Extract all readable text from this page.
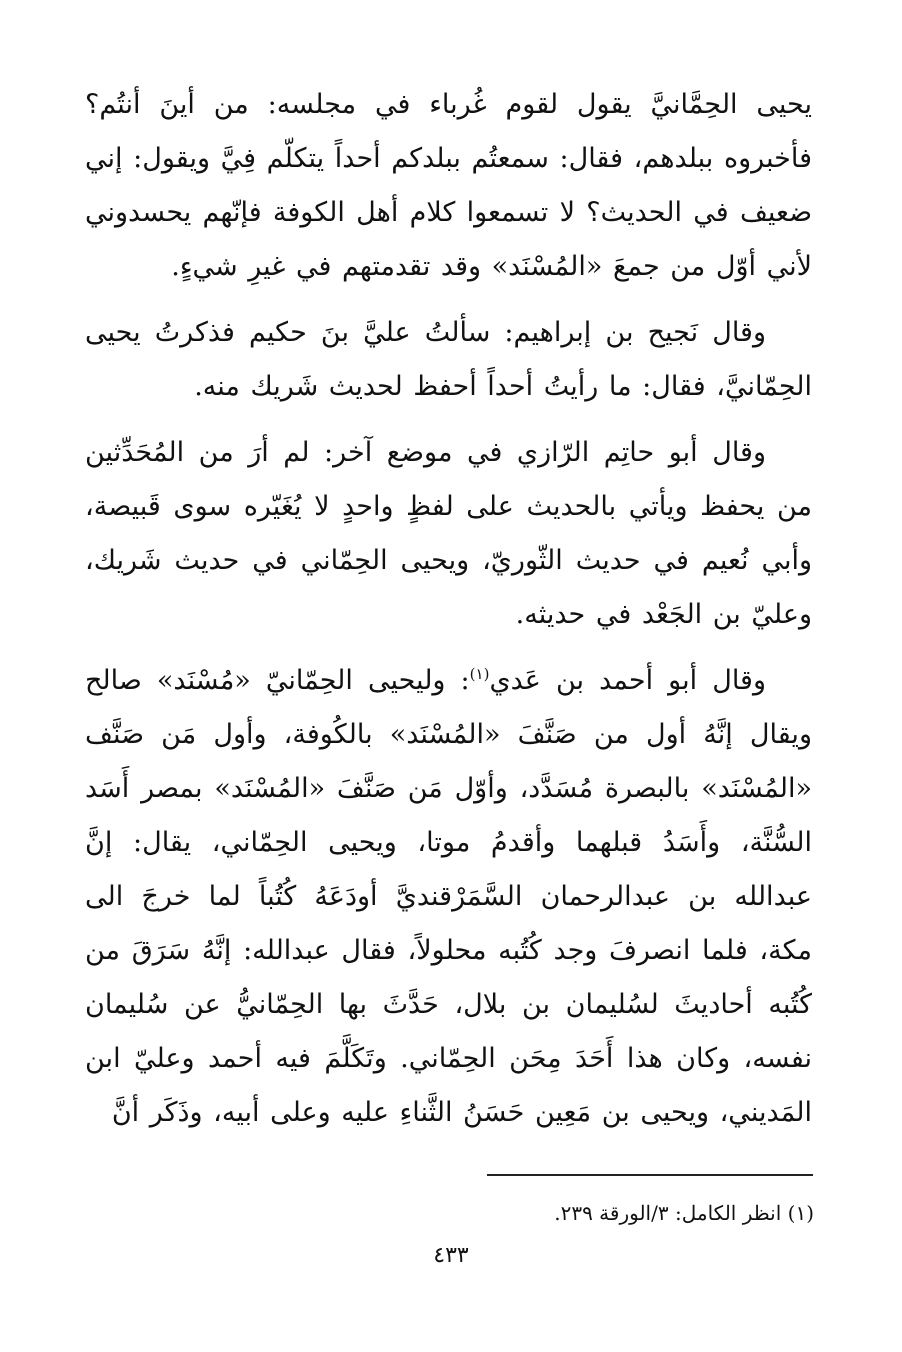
يحيى الحِمَّانيَّ يقول لقوم غُرباء في مجلسه: من أينَ أنتُم؟ فأخبروه ببلدهم، فقال: سمعتُم ببلدكم أحداً يتكلّم فِيَّ ويقول: إني ضعيف في الحديث؟ لا تسمعوا كلام أهل الكوفة فإنّهم يحسدوني لأني أوّل من جمعَ «المُسْنَد» وقد تقدمتهم في غيرِ شيءٍ.

وقال نَجيح بن إبراهيم: سألتُ عليَّ بنَ حكيم فذكرتُ يحيى الحِمّانيَّ، فقال: ما رأيتُ أحداً أحفظ لحديث شَريك منه.

وقال أبو حاتِم الرّازي في موضع آخر: لم أرَ من المُحَدِّثين من يحفظ ويأتي بالحديث على لفظٍ واحدٍ لا يُغَيّره سوى قَبيصة، وأبي نُعيم في حديث الثّوريّ، ويحيى الحِمّاني في حديث شَريك، وعليّ بن الجَعْد في حديثه.

وقال أبو أحمد بن عَدي$^{(١)}$: وليحيى الحِمّانيّ «مُسْنَد» صالح ويقال إنَّهُ أول من صَنَّفَ «المُسْنَد» بالكُوفة، وأول مَن صَنَّف «المُسْنَد» بالبصرة مُسَدَّد، وأوّل مَن صَنَّفَ «المُسْنَد» بمصر أَسَد السُّنَّة، وأَسَدُ قبلهما وأقدمُ موتا، ويحيى الحِمّاني، يقال: إنَّ عبدالله بن عبدالرحمان السَّمَرْقنديَّ أودَعَهُ كُتُباً لما خرجَ الى مكة، فلما انصرفَ وجد كُتُبه محلولاً، فقال عبدالله: إنَّهُ سَرَقَ من كُتُبه أحاديثَ لسُليمان بن بلال، حَدَّثَ بها الحِمّانيُّ عن سُليمان نفسه، وكان هذا أَحَدَ مِحَن الحِمّاني. وتَكَلَّمَ فيه أحمد وعليّ ابن المَديني، ويحيى بن مَعِين حَسَنُ الثَّناءِ عليه وعلى أبيه، وذَكَر أنَّ

(١) انظر الكامل: ٣/الورقة ٢٣٩.
٤٣٣
